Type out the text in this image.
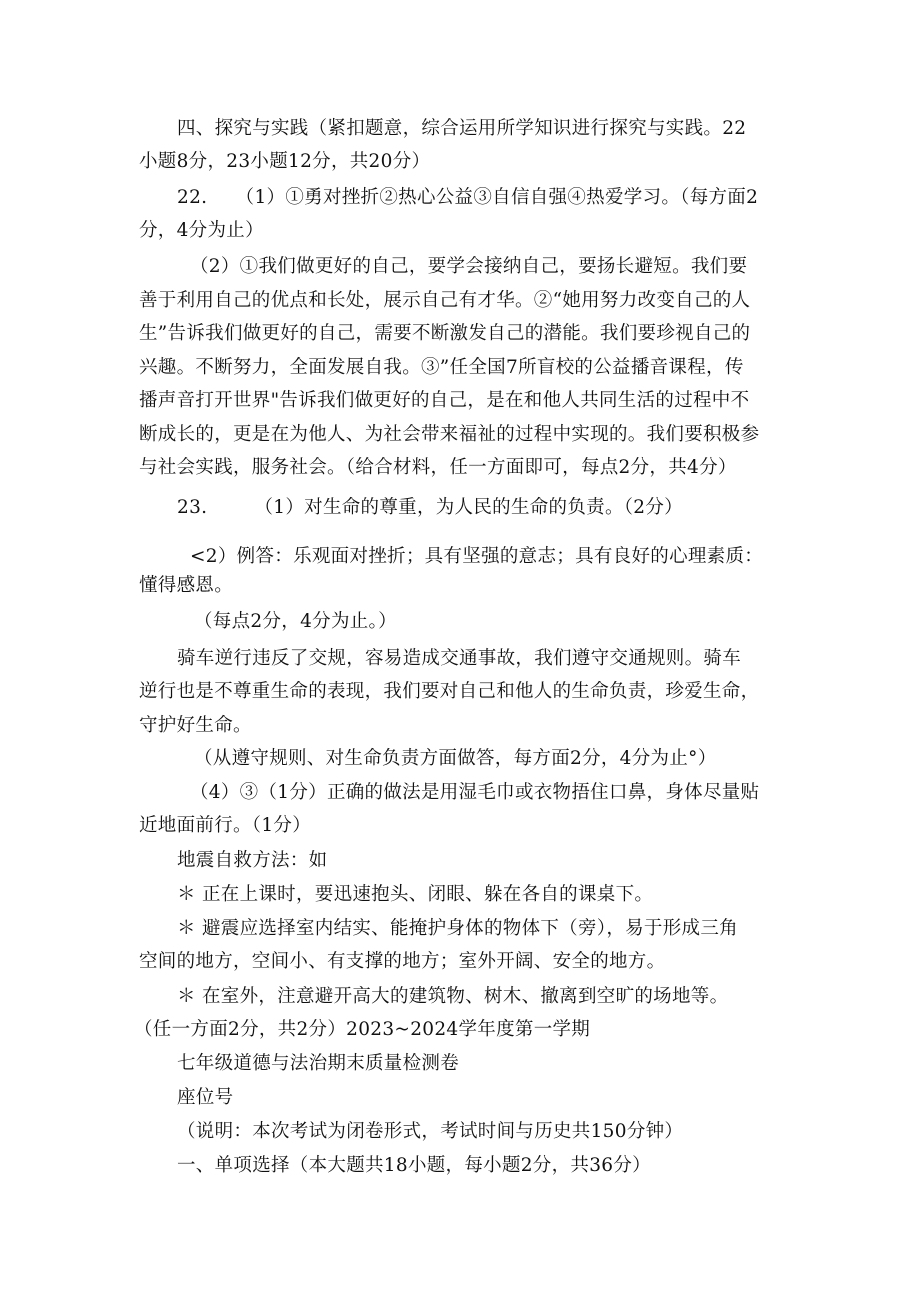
四、探究与实践（紧扣题意，综合运用所学知识进行探究与实践。22
小题8分，23小题12分，共20分）
22.　　（1）①勇对挫折②热心公益③自信自强④热爱学习。（每方面2
分，4分为止）
（2）①我们做更好的自己，要学会接纳自己，要扬长避短。我们要
善于利用自己的优点和长处，展示自己有才华。②“她用努力改变自己的人
生”告诉我们做更好的自己，需要不断激发自己的潜能。我们要珍视自己的
兴趣。不断努力，全面发展自我。③”任全国7所盲校的公益播音课程，传
播声音打开世界"告诉我们做更好的自己，是在和他人共同生活的过程中不
断成长的，更是在为他人、为社会带来福祉的过程中实现的。我们要积极参
与社会实践，服务社会。（给合材料，任一方面即可，每点2分，共4分）
23.　　　（1）对生命的尊重，为人民的生命的负责。（2分）
<2）例答：乐观面对挫折；具有坚强的意志；具有良好的心理素质：
懂得感恩。
（每点2分，4分为止。）
骑车逆行违反了交规，容易造成交通事故，我们遵守交通规则。骑车
逆行也是不尊重生命的表现，我们要对自己和他人的生命负责，珍爱生命，
守护好生命。
（从遵守规则、对生命负责方面做答，每方面2分，4分为止°）
（4）③（1分）正确的做法是用湿毛巾或衣物捂住口鼻，身体尽量贴
近地面前行。（1分）
地震自救方法：如
＊ 正在上课时，要迅速抱头、闭眼、躲在各自的课桌下。
＊ 避震应选择室内结实、能掩护身体的物体下（旁），易于形成三角
空间的地方，空间小、有支撑的地方；室外开阔、安全的地方。
＊ 在室外，注意避开高大的建筑物、树木、撤离到空旷的场地等。
（任一方面2分，共2分）2023~2024学年度第一学期
七年级道德与法治期末质量检测卷
座位号
（说明：本次考试为闭卷形式，考试时间与历史共150分钟）
一、单项选择（本大题共18小题，每小题2分，共36分）
